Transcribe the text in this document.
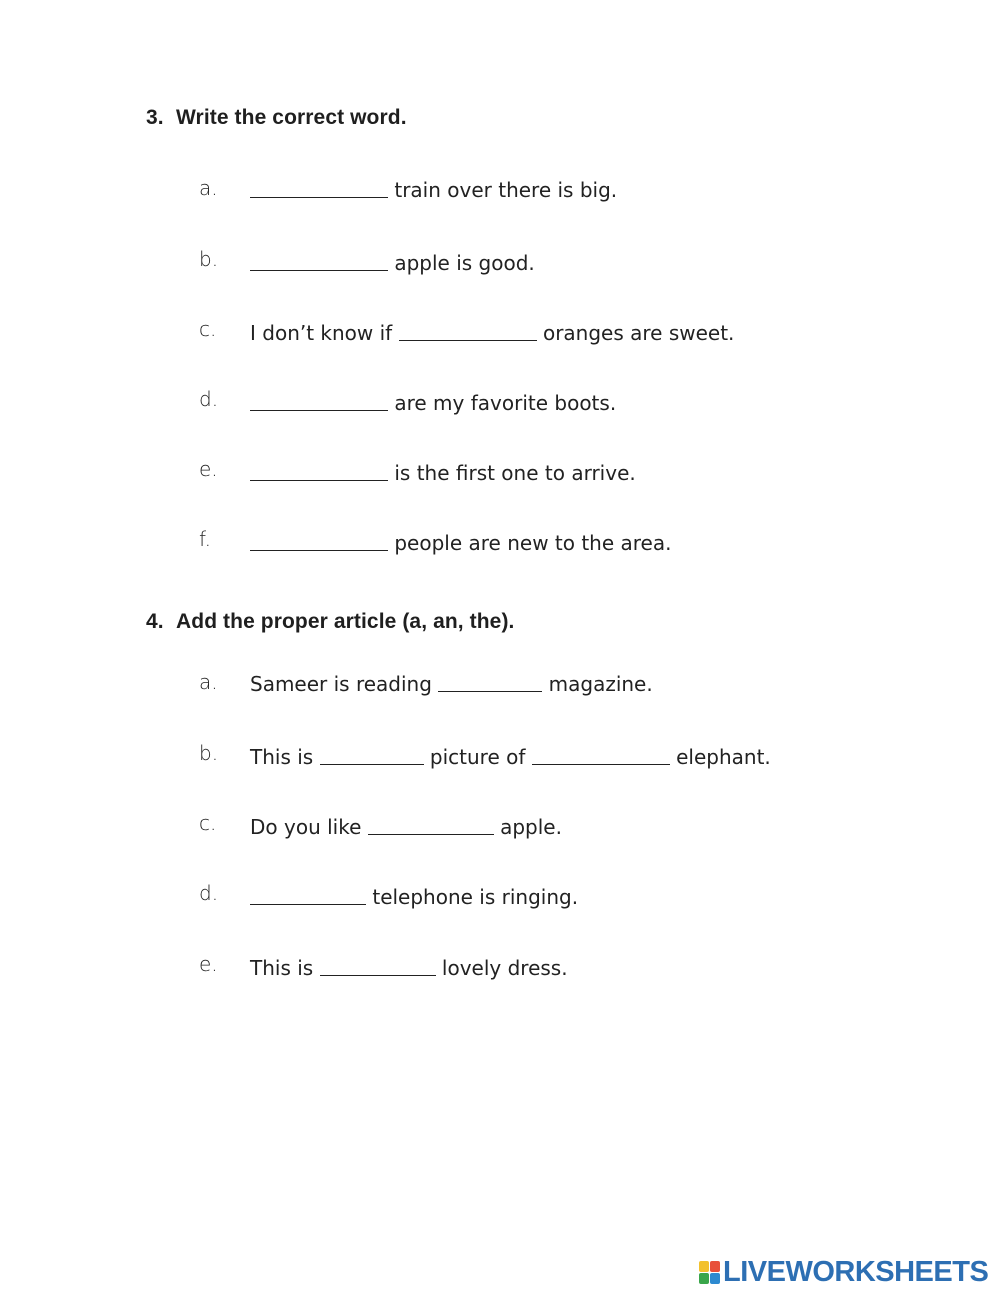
3. Write the correct word.
a.	train over there is big.
b.	apple is good.
c. I don’t know if	oranges are sweet.
d.	are my favorite boots.
e.	is the first one to arrive.
f.	people are new to the area.
4. Add the proper article (a, an, the).
a. Sameer is reading	magazine.
b. This is	picture of	elephant.
c. Do you like	apple.
d.	telephone is ringing.
e. This is	lovely dress.
LIVEWORKSHEETS
